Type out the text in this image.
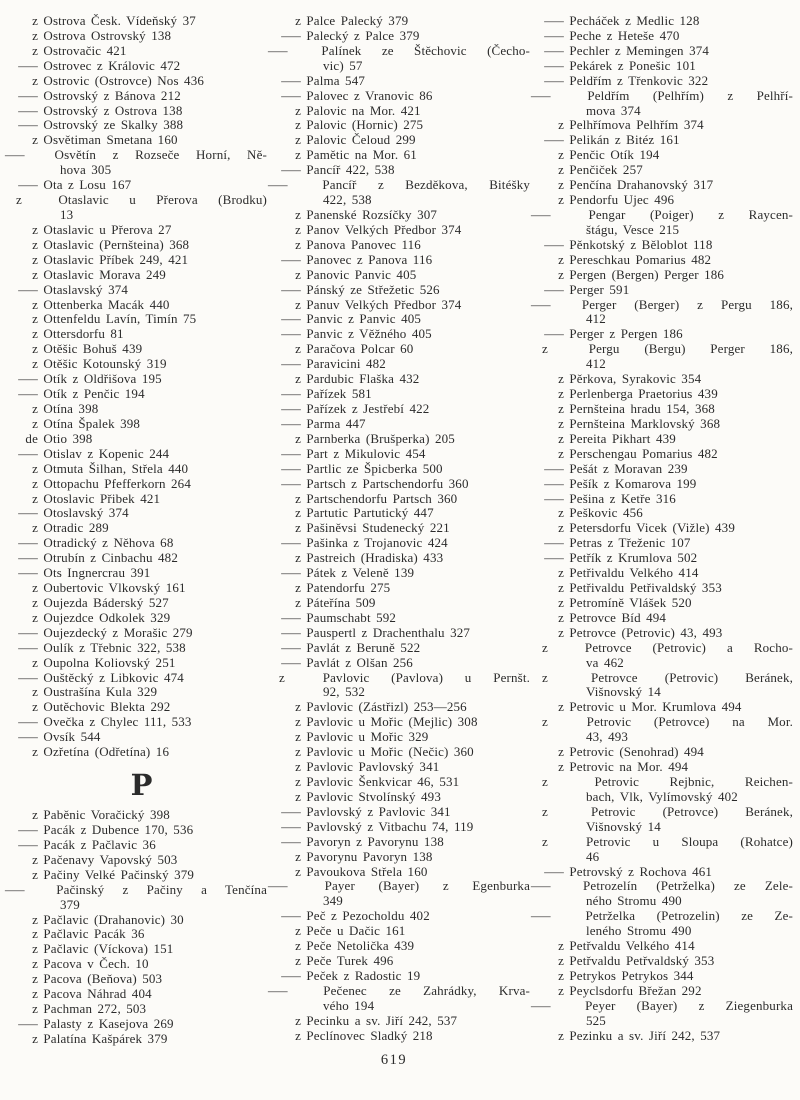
z Ostrova Česk. Vídeňský 37
z Ostrova Ostrovský 138
z Ostrovačic 421
— Ostrovec z Královic 472
z Ostrovic (Ostrovce) Nos 436
— Ostrovský z Bánova 212
— Ostrovský z Ostrova 138
— Ostrovský ze Skalky 388
z Osvětiman Smetana 160
— Osvětín z Rozseče Horní, Ně-
hova 305
— Ota z Losu 167
z Otaslavic u Přerova (Brodku)
13
z Otaslavic u Přerova 27
z Otaslavic (Pernšteina) 368
z Otaslavic Příbek 249, 421
z Otaslavic Morava 249
— Otaslavský 374
z Ottenberka Macák 440
z Ottenfeldu Lavín, Timín 75
z Ottersdorfu 81
z Otěšic Bohuš 439
z Otěšic Kotounský 319
— Otík z Oldřišova 195
— Otík z Penčic 194
z Otína 398
z Otína Špalek 398
de Otio 398
— Otislav z Kopenic 244
z Otmuta Šilhan, Střela 440
z Ottopachu Pfefferkorn 264
z Otoslavic Přibek 421
— Otoslavský 374
z Otradic 289
— Otradický z Něhova 68
— Otrubín z Cinbachu 482
— Ots Ingnercrau 391
z Oubertovic Vlkovský 161
z Oujezda Báderský 527
z Oujezdce Odkolek 329
— Oujezdecký z Morašic 279
— Oulík z Třebnic 322, 538
z Oupolna Koliovský 251
— Ouštěcký z Libkovic 474
z Oustrašína Kula 329
z Outěchovic Blekta 292
— Ovečka z Chylec 111, 533
— Ovsík 544
z Ozřetína (Odřetína) 16
P
z Paběnic Voračický 398
— Pacák z Dubence 170, 536
— Pacák z Pačlavic 36
z Pačenavy Vapovský 503
z Pačiny Velké Pačinský 379
— Pačinský z Pačiny a Tenčína
379
z Pačlavic (Drahanovic) 30
z Pačlavic Pacák 36
z Pačlavic (Víckova) 151
z Pacova v Čech. 10
z Pacova (Beňova) 503
z Pacova Náhrad 404
z Pachman 272, 503
— Palasty z Kasejova 269
z Palatína Kašpárek 379
z Palce Palecký 379
— Palecký z Palce 379
— Palínek ze Štěchovic (Čecho-
vic) 57
— Palma 547
— Palovec z Vranovic 86
z Palovic na Mor. 421
z Palovic (Hornic) 275
z Palovic Čeloud 299
z Pamětic na Mor. 61
— Pancíř 422, 538
— Pancíř z Bezděkova, Bitéšky
422, 538
z Panenské Rozsíčky 307
z Panov Velkých Předbor 374
z Panova Panovec 116
— Panovec z Panova 116
z Panovic Panvic 405
— Pánský ze Střežetic 526
z Panuv Velkých Předbor 374
— Panvic z Panvic 405
— Panvic z Věžného 405
z Paračova Polcar 60
— Paravicini 482
z Pardubic Flaška 432
— Pařízek 581
— Pařízek z Jestřebí 422
— Parma 447
z Parnberka (Brušperka) 205
— Part z Mikulovic 454
— Partlic ze Špicberka 500
— Partsch z Partschendorfu 360
z Partschendorfu Partsch 360
z Partutic Partutický 447
z Pašiněvsi Studenecký 221
— Pašinka z Trojanovic 424
z Pastreich (Hradiska) 433
— Pátek z Veleně 139
z Patendorfu 275
z Páteřína 509
— Paumschabt 592
— Pauspertl z Drachenthalu 327
— Pavlát z Beruně 522
— Pavlát z Olšan 256
z Pavlovic (Pavlova) u Pernšt.
92, 532
z Pavlovic (Zástřizl) 253—256
z Pavlovic u Mořic (Mejlic) 308
z Pavlovic u Mořic 329
z Pavlovic u Mořic (Nečic) 360
z Pavlovic Pavlovský 341
z Pavlovic Šenkvicar 46, 531
z Pavlovic Stvolínský 493
— Pavlovský z Pavlovic 341
— Pavlovský z Vitbachu 74, 119
— Pavoryn z Pavorynu 138
z Pavorynu Pavoryn 138
z Pavoukova Střela 160
— Payer (Bayer) z Egenburka
349
— Peč z Pezocholdu 402
z Peče u Dačic 161
z Peče Netolička 439
z Peče Turek 496
— Peček z Radostic 19
— Pečenec ze Zahrádky, Krva-
vého 194
z Pecinku a sv. Jiří 242, 537
z Peclínovec Sladký 218
— Pecháček z Medlic 128
— Peche z Heteše 470
— Pechler z Memingen 374
— Pekárek z Ponešic 101
— Peldřím z Třenkovic 322
— Peldřím (Pelhřím) z Pelhří-
mova 374
z Pelhřímova Pelhřím 374
— Pelikán z Bitéz 161
z Penčic Otík 194
z Penčiček 257
z Penčína Drahanovský 317
z Pendorfu Ujec 496
— Pengar (Poiger) z Raycen-
štágu, Vesce 215
— Pěnkotský z Běloblot 118
z Pereschkau Pomarius 482
z Pergen (Bergen) Perger 186
— Perger 591
— Perger (Berger) z Pergu 186,
412
— Perger z Pergen 186
z Pergu (Bergu) Perger 186,
412
z Pěrkova, Syrakovic 354
z Perlenberga Praetorius 439
z Pernšteina hradu 154, 368
z Pernšteina Marklovský 368
z Pereita Pikhart 439
z Perschengau Pomarius 482
— Pešát z Moravan 239
— Pešík z Komarova 199
— Pešina z Ketře 316
z Peškovic 456
z Petersdorfu Vicek (Vižle) 439
— Petras z Třeženic 107
— Petřík z Krumlova 502
z Petřivaldu Velkého 414
z Petřivaldu Petřivaldský 353
z Petromíně Vlášek 520
z Petrovce Bíd 494
z Petrovce (Petrovic) 43, 493
z Petrovce (Petrovic) a Rocho-
va 462
z Petrovce (Petrovic) Beránek,
Višnovský 14
z Petrovic u Mor. Krumlova 494
z Petrovic (Petrovce) na Mor.
43, 493
z Petrovic (Senohrad) 494
z Petrovic na Mor. 494
z Petrovic Rejbnic, Reichen-
bach, Vlk, Vylímovský 402
z Petrovic (Petrovce) Beránek,
Višnovský 14
z Petrovic u Sloupa (Rohatce)
46
— Petrovský z Rochova 461
— Petrozelín (Petrželka) ze Zele-
ného Stromu 490
— Petrželka (Petrozelin) ze Ze-
leného Stromu 490
z Petřvaldu Velkého 414
z Petřvaldu Petřvaldský 353
z Petrykos Petrykos 344
z Peyclsdorfu Břežan 292
— Peyer (Bayer) z Ziegenburka
525
z Pezinku a sv. Jiří 242, 537
619
